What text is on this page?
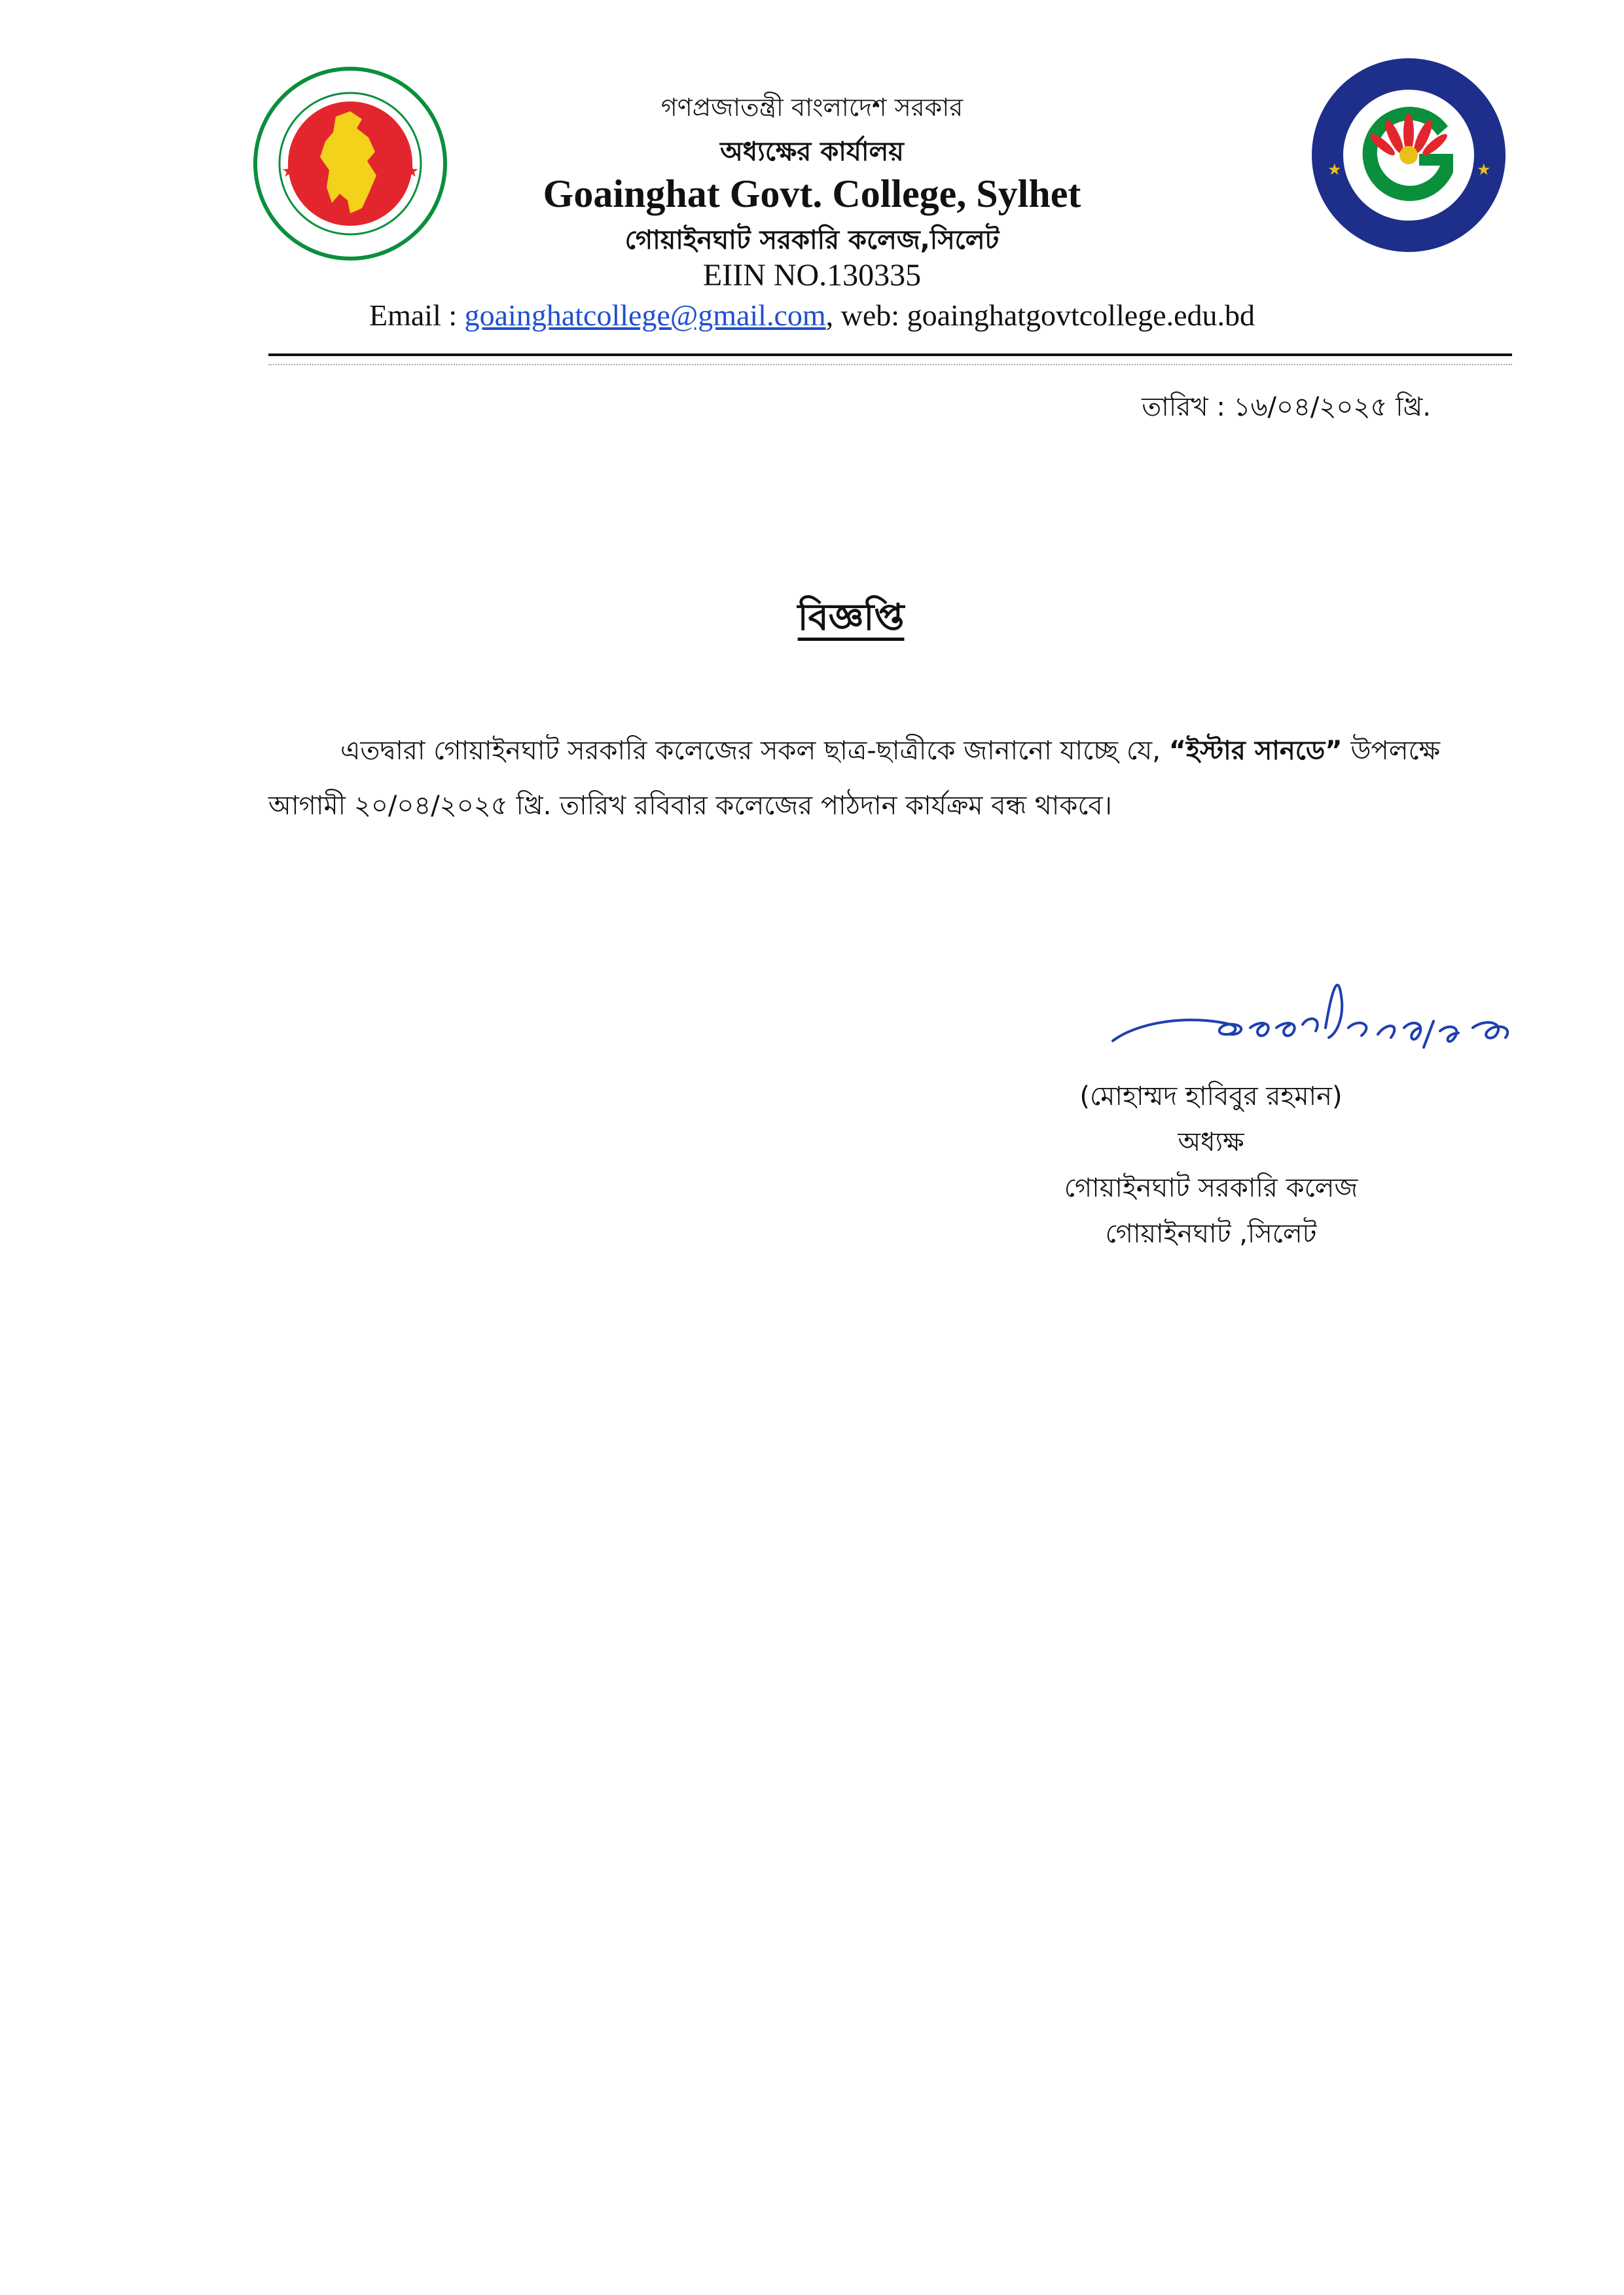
★	★	★	★
গণপ্রজাতন্ত্রী বাংলাদেশ সরকার
অধ্যক্ষের কার্যালয়
Goainghat Govt. College, Sylhet
গোয়াইনঘাট সরকারি কলেজ,সিলেট
EIIN NO.130335
Email : goainghatcollege@gmail.com, web: goainghatgovtcollege.edu.bd
তারিখ : ১৬/০৪/২০২৫ খ্রি.
বিজ্ঞপ্তি
এতদ্বারা গোয়াইনঘাট সরকারি কলেজের সকল ছাত্র-ছাত্রীকে জানানো যাচ্ছে যে, “ইস্টার সানডে” উপলক্ষে আগামী ২০/০৪/২০২৫ খ্রি. তারিখ রবিবার কলেজের পাঠদান কার্যক্রম বন্ধ থাকবে।
(মোহাম্মদ হাবিবুর রহমান)
অধ্যক্ষ
গোয়াইনঘাট সরকারি কলেজ
গোয়াইনঘাট ,সিলেট
